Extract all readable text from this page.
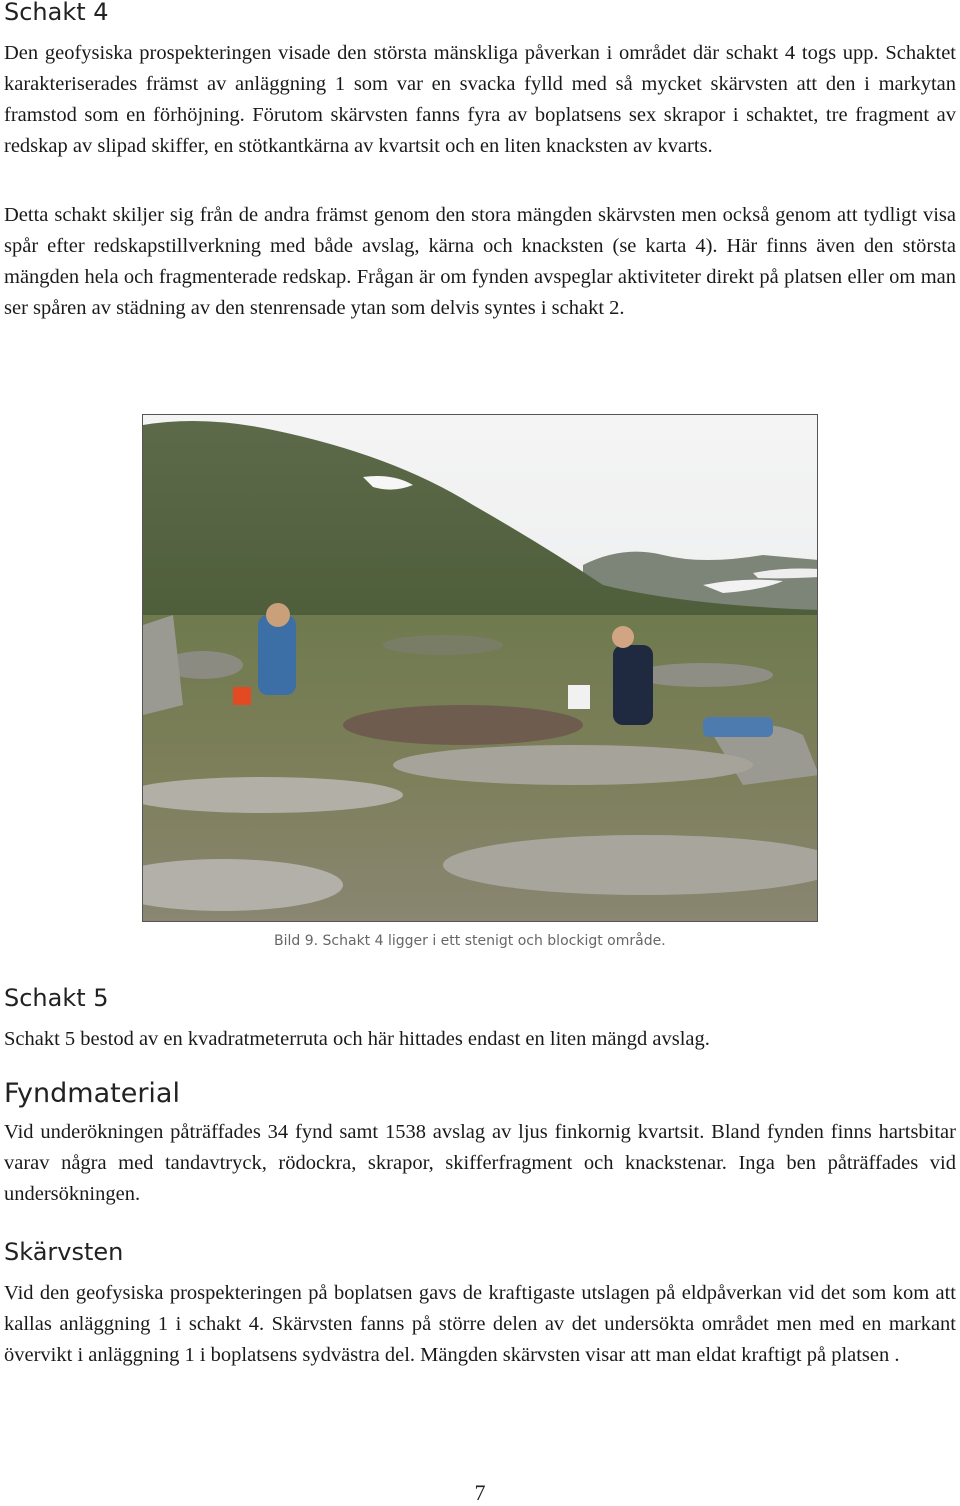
Schakt 4

Den geofysiska prospekteringen visade den största mänskliga påverkan i området där schakt 4 togs upp. Schaktet karakteriserades främst av anläggning 1 som var en svacka fylld med så mycket skärvsten att den i markytan framstod som en förhöjning. Förutom skärvsten fanns fyra av boplatsens sex skrapor i schaktet, tre fragment av redskap av slipad skiffer, en stötkantkärna av kvartsit och en liten knacksten av kvarts.

Detta schakt skiljer sig från de andra främst genom den stora mängden skärvsten men också genom att tydligt visa spår efter redskapstillverkning med både avslag, kärna och knacksten (se karta 4). Här finns även den största mängden hela och fragmenterade redskap. Frågan är om fynden avspeglar aktiviteter direkt på platsen eller om man ser spåren av städning av den stenrensade ytan som delvis syntes i schakt 2.

Bild 9. Schakt 4 ligger i ett stenigt och blockigt område.
Schakt 5

Schakt 5 bestod av en kvadratmeterruta och här hittades endast en liten mängd avslag.

Fyndmaterial

Vid underökningen påträffades 34 fynd samt 1538 avslag av ljus finkornig kvartsit. Bland fynden finns hartsbitar varav några med tandavtryck, rödockra, skrapor, skifferfragment och knackstenar. Inga ben påträffades vid undersökningen.

Skärvsten

Vid den geofysiska prospekteringen på boplatsen gavs de kraftigaste utslagen på eldpåverkan vid det som kom att kallas anläggning 1 i schakt 4. Skärvsten fanns på större delen av det undersökta området men med en markant övervikt i anläggning 1 i boplatsens sydvästra del. Mängden skärvsten visar att man eldat kraftigt på platsen .

7
